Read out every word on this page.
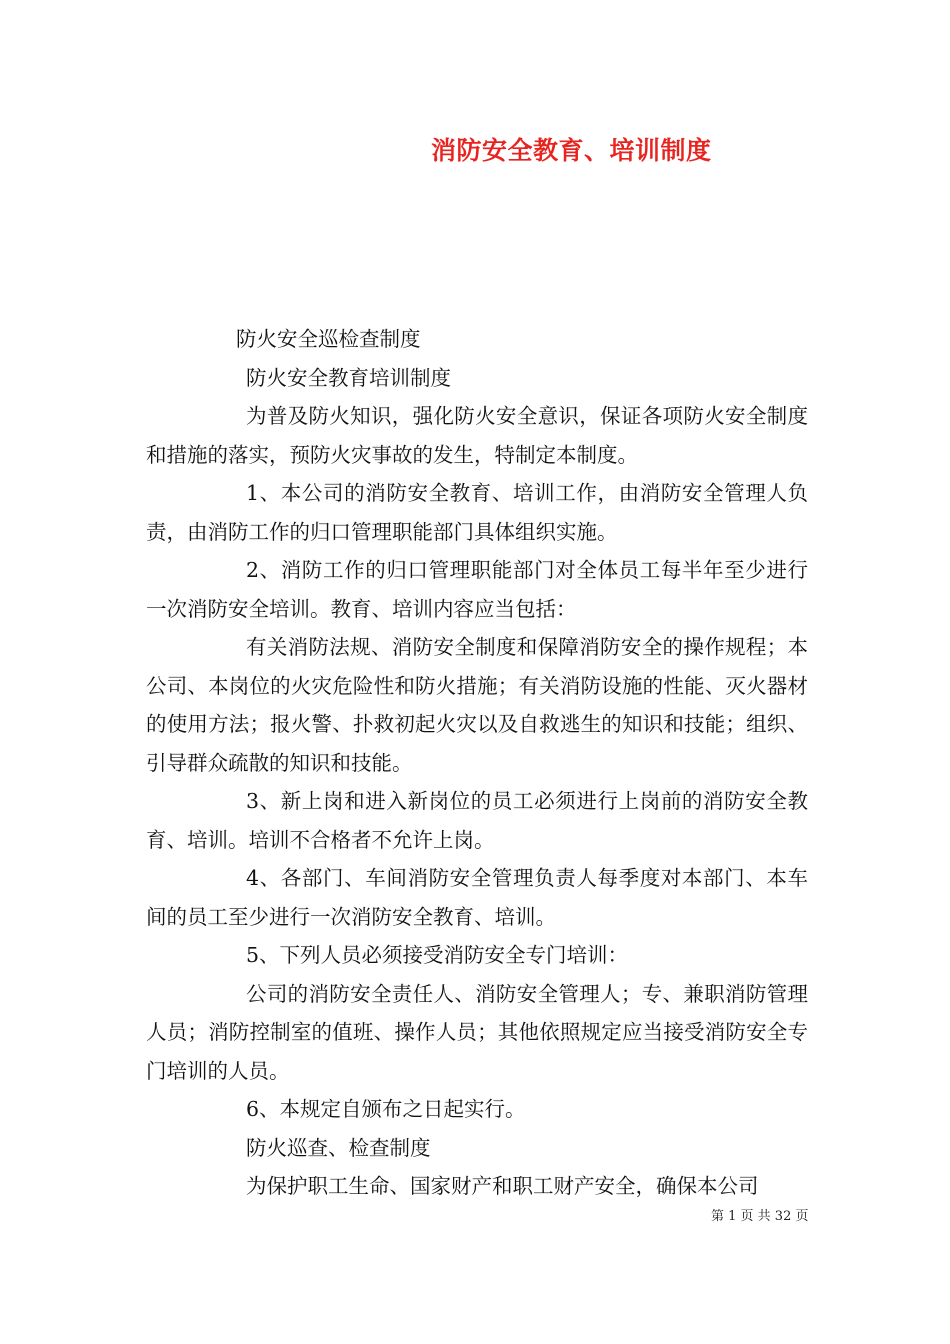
消防安全教育、培训制度

防火安全巡检查制度

防火安全教育培训制度

为普及防火知识，强化防火安全意识，保证各项防火安全制度和措施的落实，预防火灾事故的发生，特制定本制度。

1、本公司的消防安全教育、培训工作，由消防安全管理人负责，由消防工作的归口管理职能部门具体组织实施。

2、消防工作的归口管理职能部门对全体员工每半年至少进行一次消防安全培训。教育、培训内容应当包括：

有关消防法规、消防安全制度和保障消防安全的操作规程；本公司、本岗位的火灾危险性和防火措施；有关消防设施的性能、灭火器材的使用方法；报火警、扑救初起火灾以及自救逃生的知识和技能；组织、引导群众疏散的知识和技能。

3、新上岗和进入新岗位的员工必须进行上岗前的消防安全教育、培训。培训不合格者不允许上岗。

4、各部门、车间消防安全管理负责人每季度对本部门、本车间的员工至少进行一次消防安全教育、培训。

5、下列人员必须接受消防安全专门培训：

公司的消防安全责任人、消防安全管理人；专、兼职消防管理人员；消防控制室的值班、操作人员；其他依照规定应当接受消防安全专门培训的人员。

6、本规定自颁布之日起实行。

防火巡查、检查制度

为保护职工生命、国家财产和职工财产安全，确保本公司

第 1 页 共 32 页
